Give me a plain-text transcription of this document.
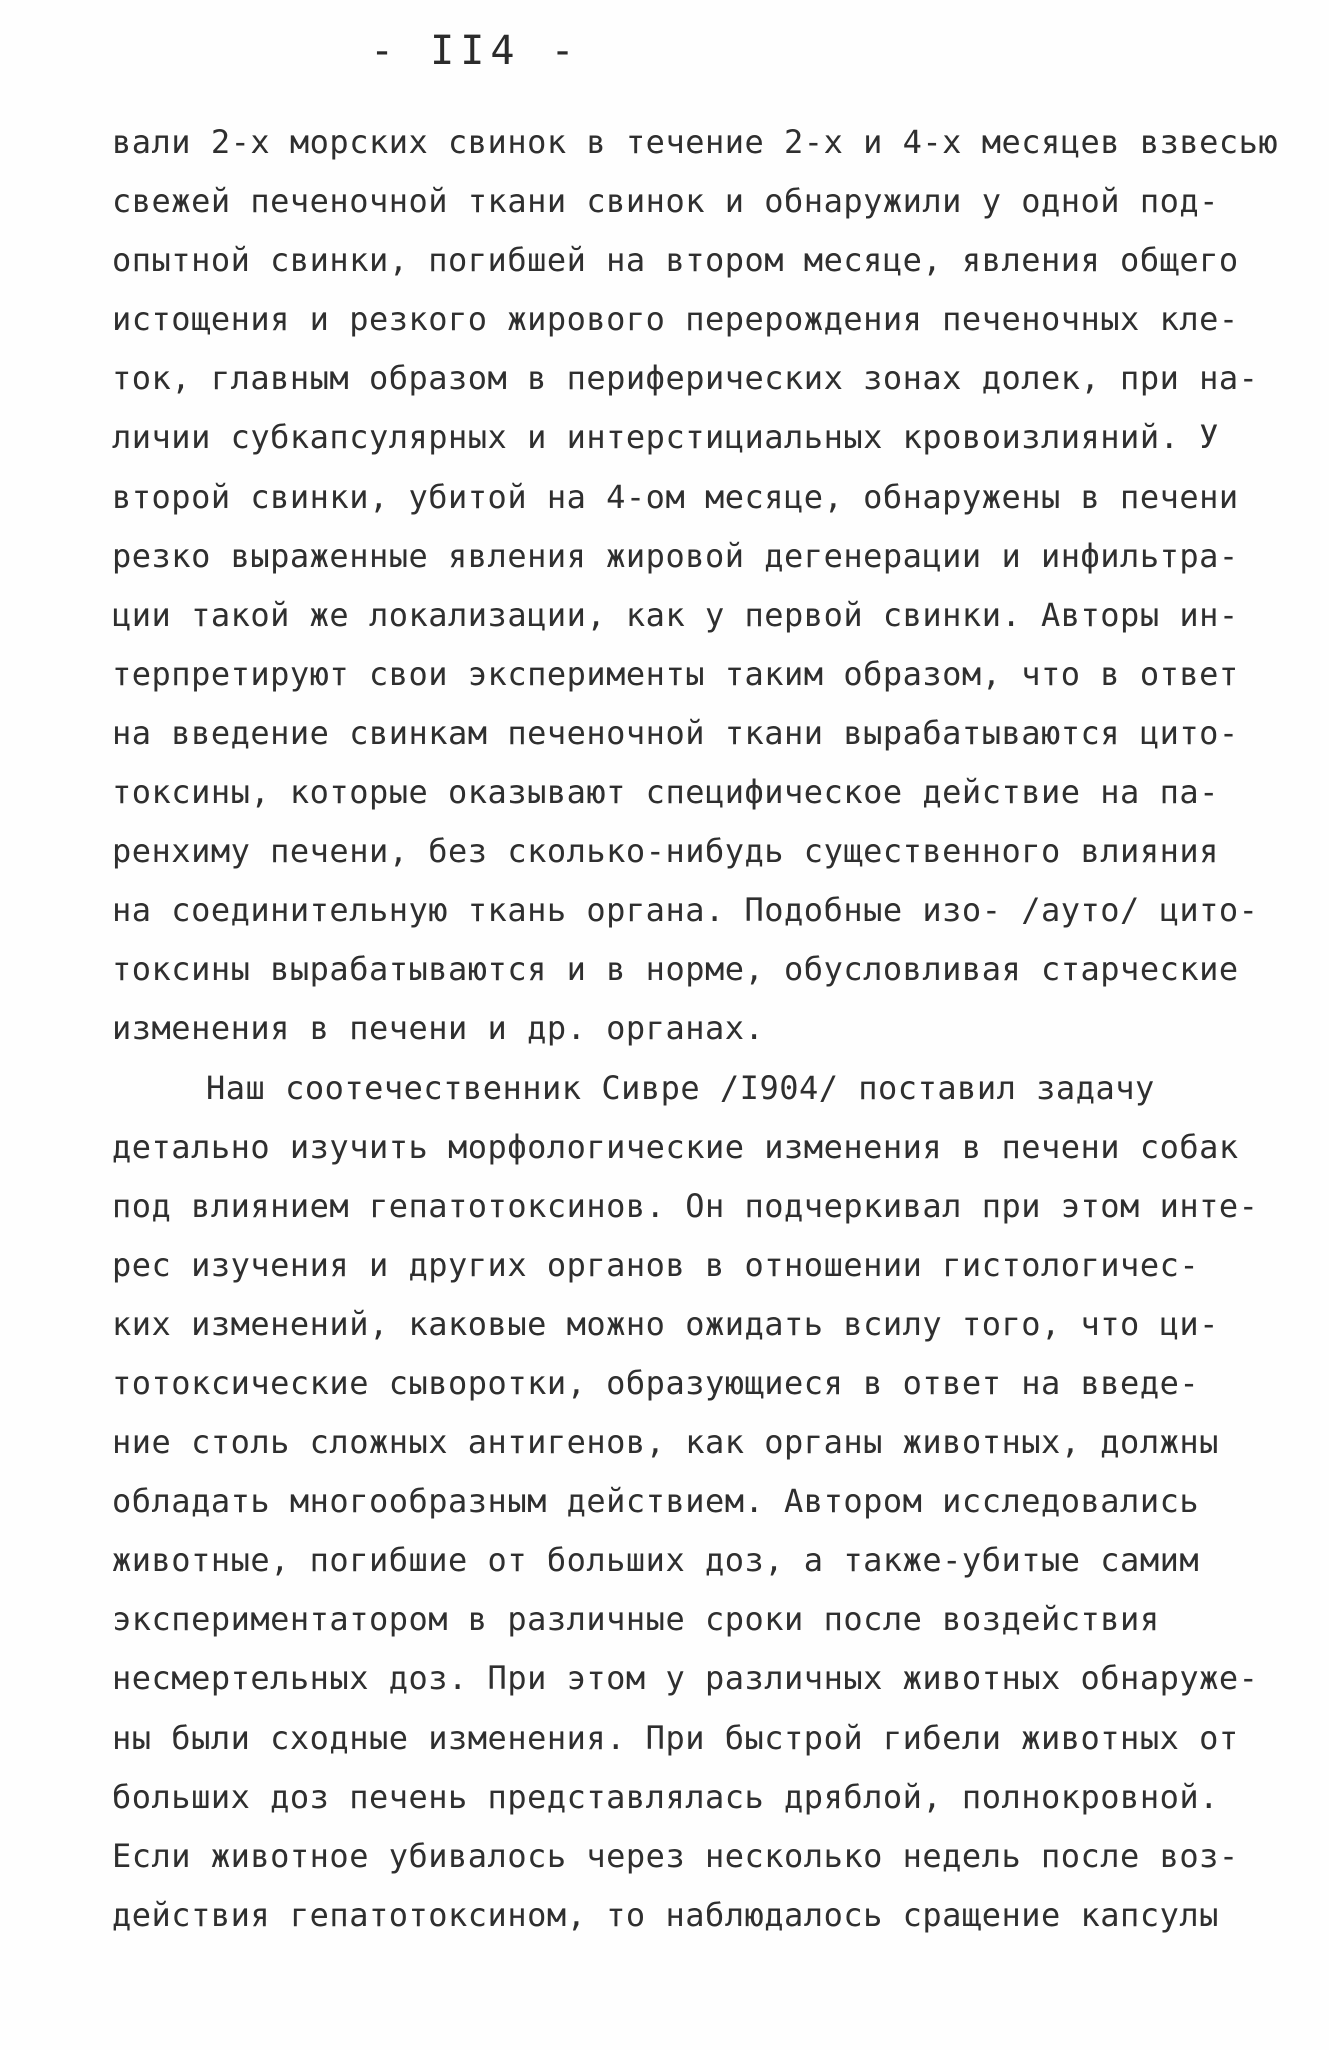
- II4 -
вали 2-х морских свинок в течение 2-х и 4-х месяцев взвесью
свежей печеночной ткани свинок и обнаружили у одной под-
опытной свинки, погибшей на втором месяце, явления общего
истощения и резкого жирового перерождения печеночных кле-
ток, главным образом в периферических зонах долек, при на-
личии субкапсулярных и интерстициальных кровоизлияний. У
второй свинки, убитой на 4-ом месяце, обнаружены в печени
резко выраженные явления жировой дегенерации и инфильтра-
ции такой же локализации, как у первой свинки. Авторы ин-
терпретируют свои эксперименты таким образом, что в ответ
на введение свинкам печеночной ткани вырабатываются цито-
токсины, которые оказывают специфическое действие на па-
ренхиму печени, без сколько-нибудь существенного влияния
на соединительную ткань органа. Подобные изо- /ауто/ цито-
токсины вырабатываются и в норме, обусловливая старческие
изменения в печени и др. органах.
Наш соотечественник Сивре /I904/ поставил задачу
детально изучить морфологические изменения в печени собак
под влиянием гепатотоксинов. Он подчеркивал при этом инте-
рес изучения и других органов в отношении гистологичес-
ких изменений, каковые можно ожидать всилу того, что ци-
тотоксические сыворотки, образующиеся в ответ на введе-
ние столь сложных антигенов, как органы животных, должны
обладать многообразным действием. Автором исследовались
животные, погибшие от больших доз, а также-убитые самим
экспериментатором в различные сроки после воздействия
несмертельных доз. При этом у различных животных обнаруже-
ны были сходные изменения. При быстрой гибели животных от
больших доз печень представлялась дряблой, полнокровной.
Если животное убивалось через несколько недель после воз-
действия гепатотоксином, то наблюдалось сращение капсулы
